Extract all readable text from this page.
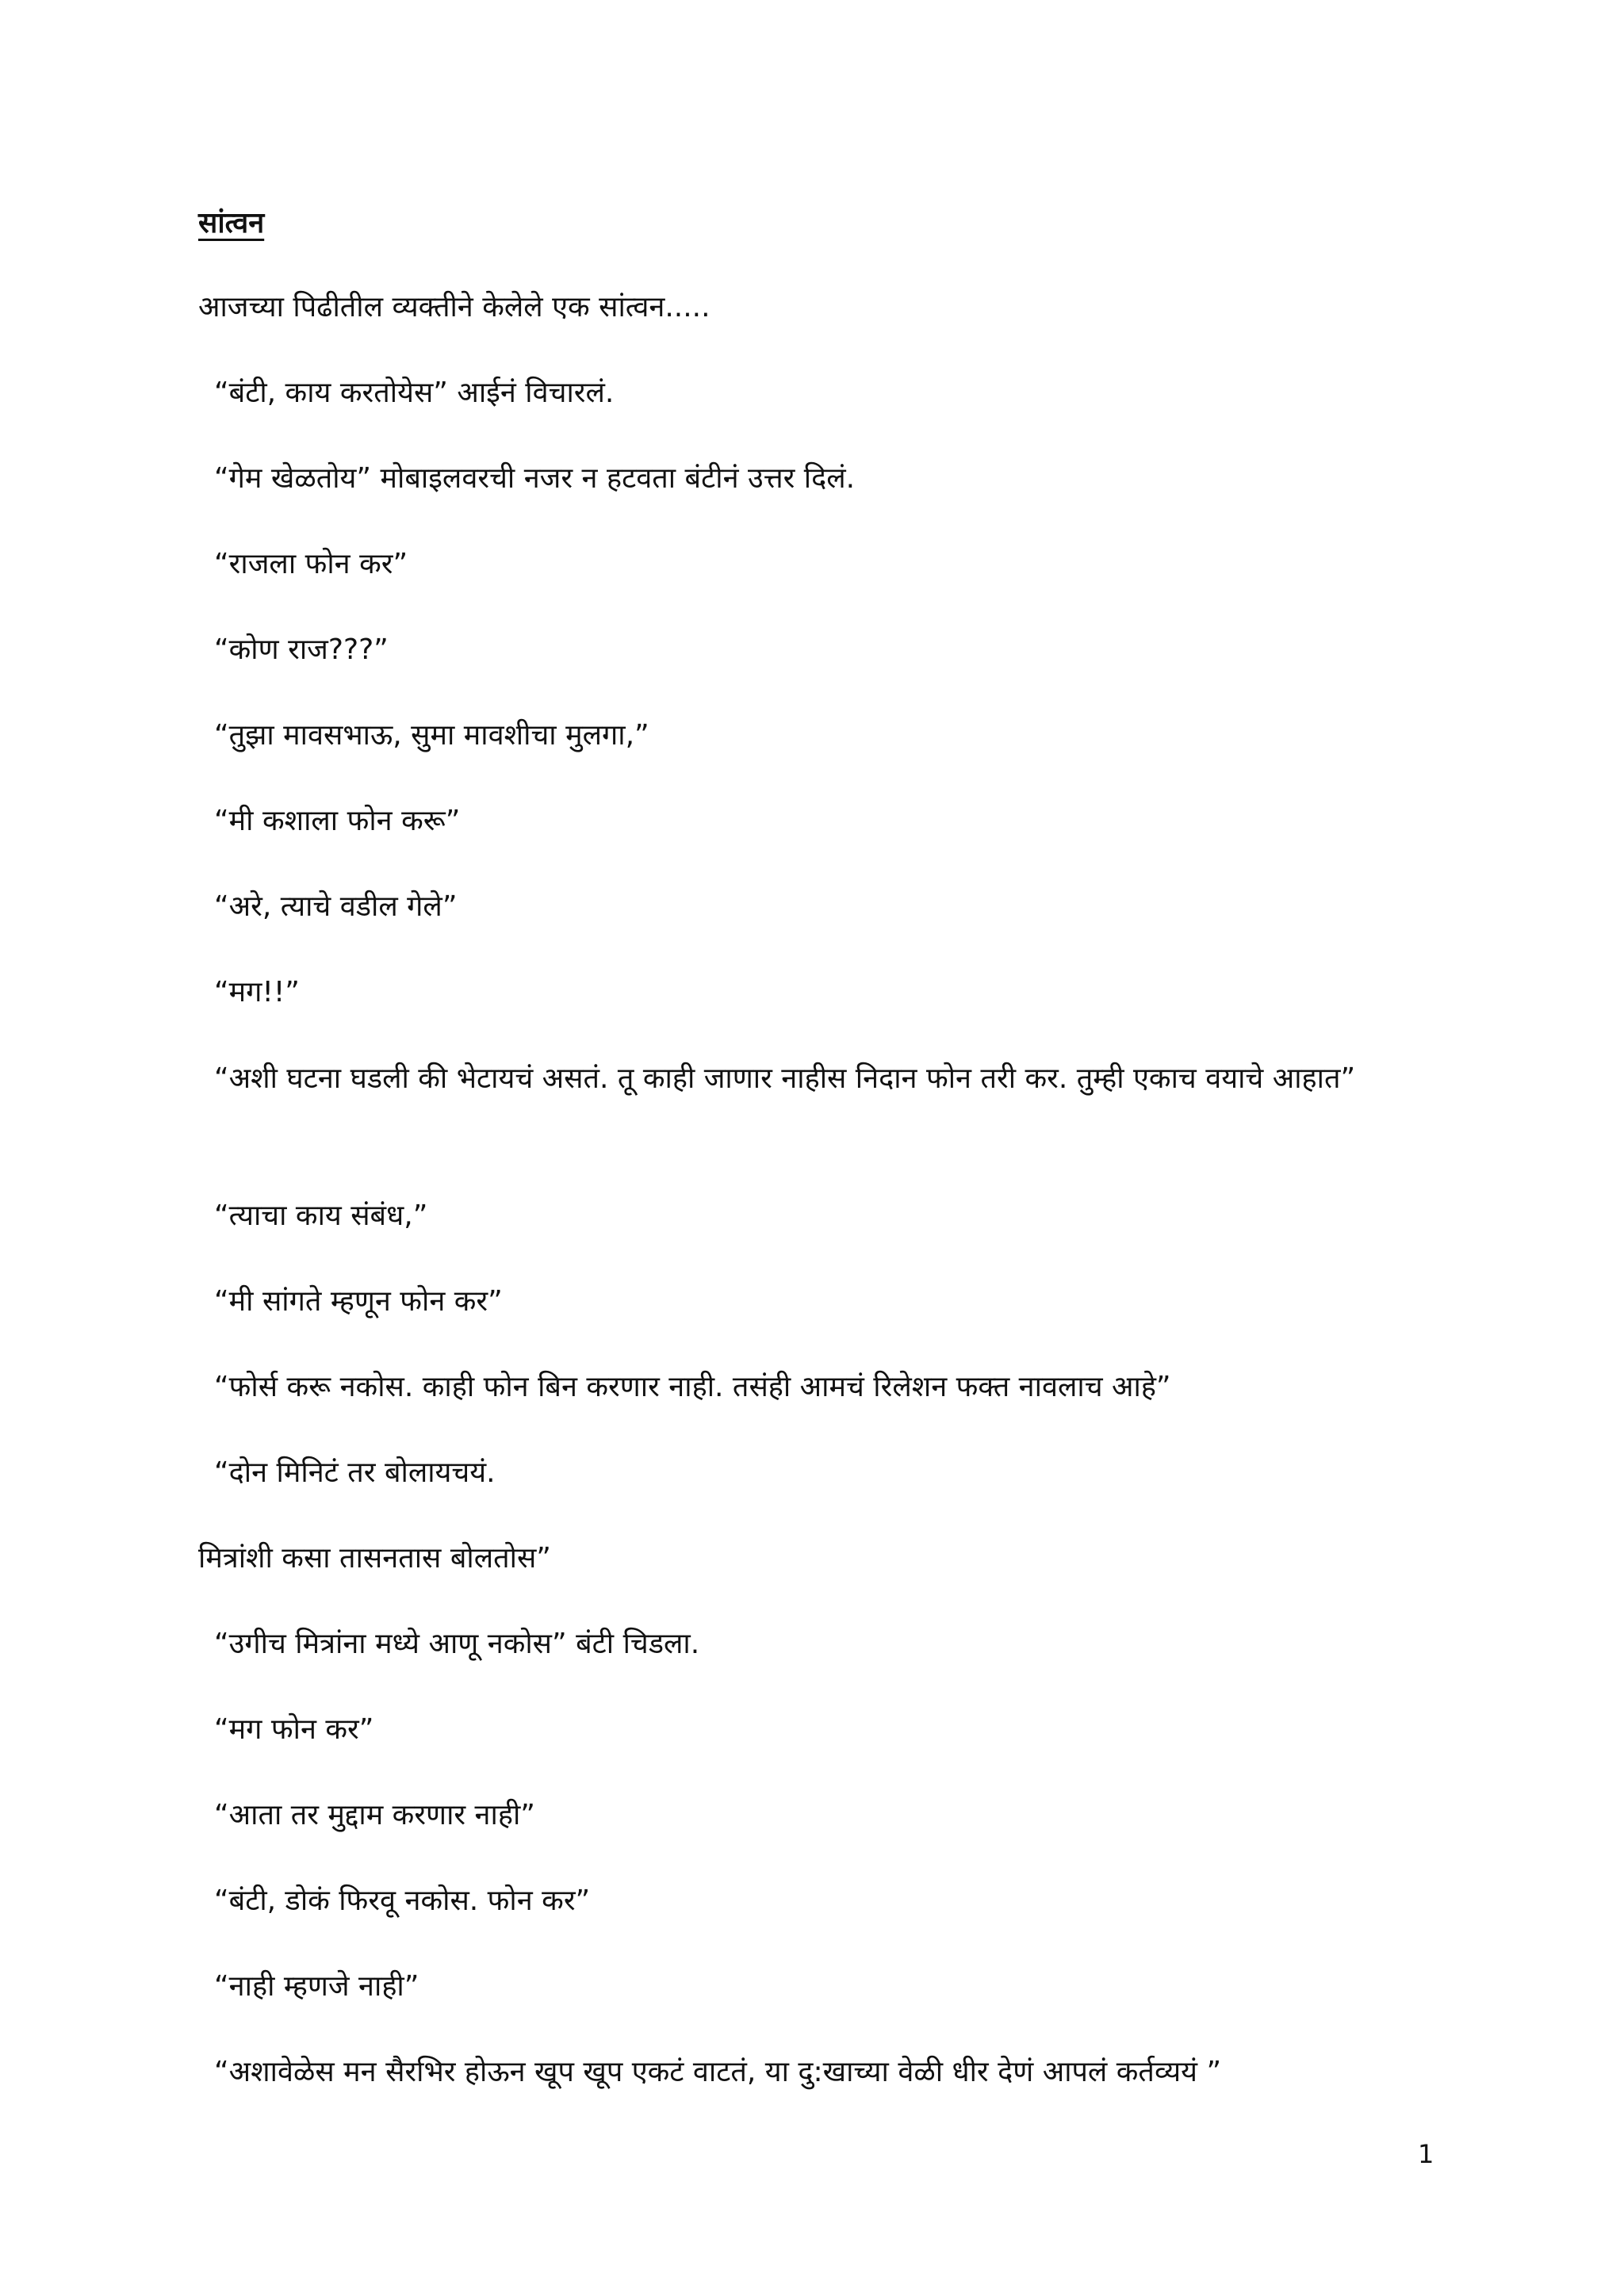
सांत्वन
आजच्या पिढीतील व्यक्तीने केलेले एक सांत्वन.....
“बंटी, काय करतोयेस” आईनं विचारलं.
“गेम खेळतोय” मोबाइलवरची नजर न हटवता बंटीनं उत्तर दिलं.
“राजला फोन कर”
“कोण राज???”
“तुझा मावसभाऊ, सुमा मावशीचा मुलगा,”
“मी कशाला फोन करू”
“अरे, त्याचे वडील गेले”
“मग!!”
“अशी घटना घडली की भेटायचं असतं. तू काही जाणार नाहीस निदान फोन तरी कर. तुम्ही एकाच वयाचे आहात”
“त्याचा काय संबंध,”
“मी सांगते म्हणून फोन कर”
“फोर्स करू नकोस. काही फोन बिन करणार नाही. तसंही आमचं रिलेशन फक्त नावलाच आहे”
“दोन मिनिटं तर बोलायचयं.
मित्रांशी कसा तासनतास बोलतोस”
“उगीच मित्रांना मध्ये आणू नकोस” बंटी चिडला.
“मग फोन कर”
“आता तर मुद्दाम करणार नाही”
“बंटी, डोकं फिरवू नकोस. फोन कर”
“नाही म्हणजे नाही”
“अशावेळेस मन सैरभिर होऊन खूप खूप एकटं वाटतं, या दु:खाच्या वेळी धीर देणं आपलं कर्तव्ययं ”
1
